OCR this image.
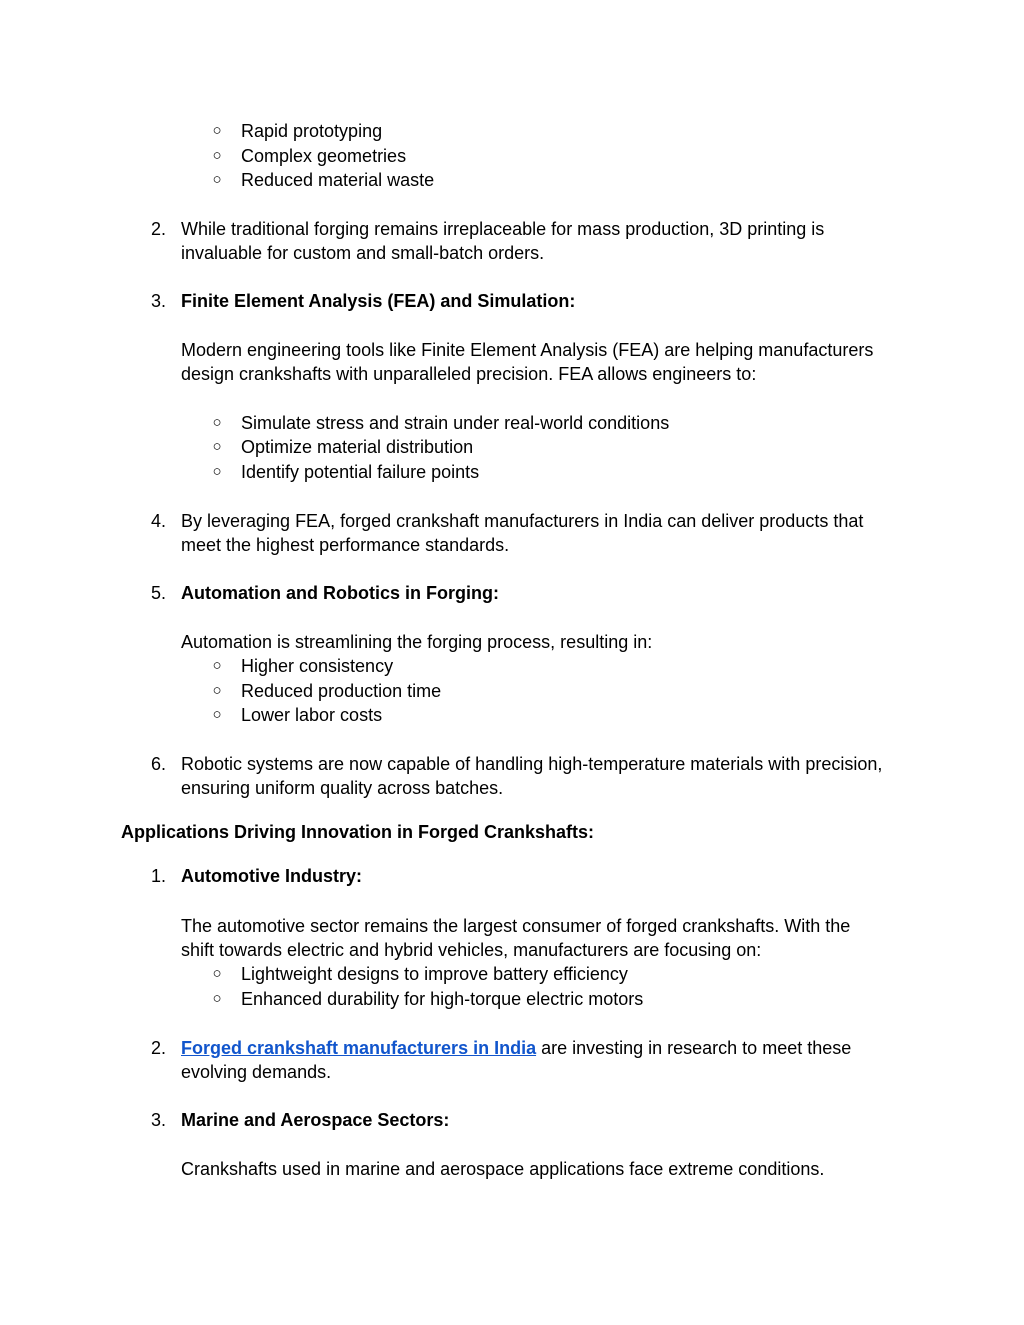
○ Rapid prototyping
○ Complex geometries
○ Reduced material waste
2. While traditional forging remains irreplaceable for mass production, 3D printing is
invaluable for custom and small-batch orders.
3. Finite Element Analysis (FEA) and Simulation:
Modern engineering tools like Finite Element Analysis (FEA) are helping manufacturers
design crankshafts with unparalleled precision. FEA allows engineers to:
○ Simulate stress and strain under real-world conditions
○ Optimize material distribution
○ Identify potential failure points
4. By leveraging FEA, forged crankshaft manufacturers in India can deliver products that
meet the highest performance standards.
5. Automation and Robotics in Forging:
Automation is streamlining the forging process, resulting in:
○ Higher consistency
○ Reduced production time
○ Lower labor costs
6. Robotic systems are now capable of handling high-temperature materials with precision,
ensuring uniform quality across batches.
Applications Driving Innovation in Forged Crankshafts:
1. Automotive Industry:
The automotive sector remains the largest consumer of forged crankshafts. With the
shift towards electric and hybrid vehicles, manufacturers are focusing on:
○ Lightweight designs to improve battery efficiency
○ Enhanced durability for high-torque electric motors
2. Forged crankshaft manufacturers in India are investing in research to meet these
evolving demands.
3. Marine and Aerospace Sectors:
Crankshafts used in marine and aerospace applications face extreme conditions.
